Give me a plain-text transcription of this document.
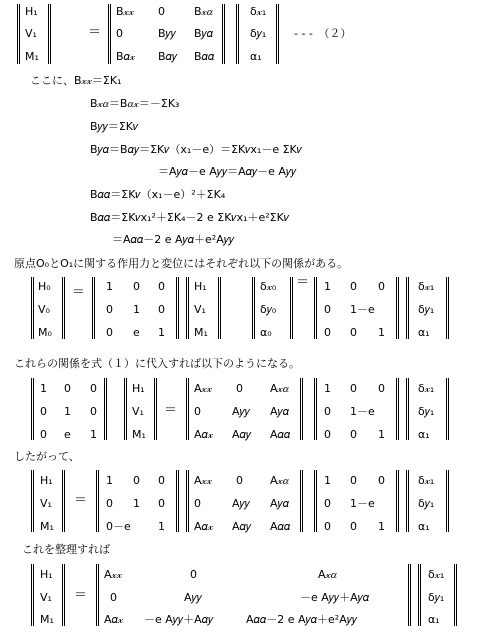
H₁
V₁
M₁
＝
B𝓍𝓍 0	B𝓍𝛼
0	B𝑦𝑦 B𝑦𝛼
B𝛼𝓍 B𝛼𝑦 B𝛼𝛼
δ𝓍₁
δ𝑦₁
α₁
- - -　（２）
ここに、B𝓍𝓍＝ΣK₁
B𝓍𝛼＝B𝛼𝓍＝－ΣK₃
B𝑦𝑦＝ΣK𝑣
B𝑦𝛼＝B𝛼𝑦＝ΣK𝑣（x₁－e）＝ΣK𝑣x₁－e ΣK𝑣
＝A𝑦𝛼－e A𝑦𝑦＝A𝛼𝑦－e A𝑦𝑦
B𝛼𝛼＝ΣK𝑣（x₁－e）²＋ΣK₄
B𝛼𝛼＝ΣK𝑣x₁²＋ΣK₄－2 e ΣK𝑣x₁＋e²ΣK𝑣
＝A𝛼𝛼－2 e A𝑦𝛼＋e²A𝑦𝑦
原点O₀とO₁に関する作用力と変位にはそれぞれ以下の関係がある。
H₀
V₀
M₀
＝ 1 0 0
0 1 0
0 e 1
H₁
V₁
M₁
δ𝓍₀
δ𝑦₀
α₀
＝ 1 0 0
0 1－e
0 0 1
δ𝓍₁
δ𝑦₁
α₁
これらの関係を式（１）に代入すれば以下のようになる。
1 0 0
0 1 0
0 e 1
H₁
V₁
M₁
＝
A𝓍𝓍 0 A𝓍𝛼
0	A𝑦𝑦 A𝑦𝛼
A𝛼𝓍 A𝛼𝑦 A𝛼𝛼
1 0 0
0 1－e
0 0 1
δ𝓍₁
δ𝑦₁
α₁
したがって、
H₁
V₁
M₁
＝
1 0 0
0 1 0
0－e 1
A𝓍𝓍 0 A𝓍𝛼
0	A𝑦𝑦 A𝑦𝛼
A𝛼𝓍 A𝛼𝑦 A𝛼𝛼
1 0 0
0 1－e
0 0 1
δ𝓍₁
δ𝑦₁
α₁
これを整理すれば
H₁
V₁
M₁
＝
A𝓍𝓍	0	A𝓍𝛼
0	A𝑦𝑦	－e A𝑦𝑦＋A𝑦𝛼
A𝛼𝓍 －e A𝑦𝑦＋A𝛼𝑦	A𝛼𝛼－2 e A𝑦𝛼＋e²A𝑦𝑦
δ𝓍₁
δ𝑦₁
α₁
